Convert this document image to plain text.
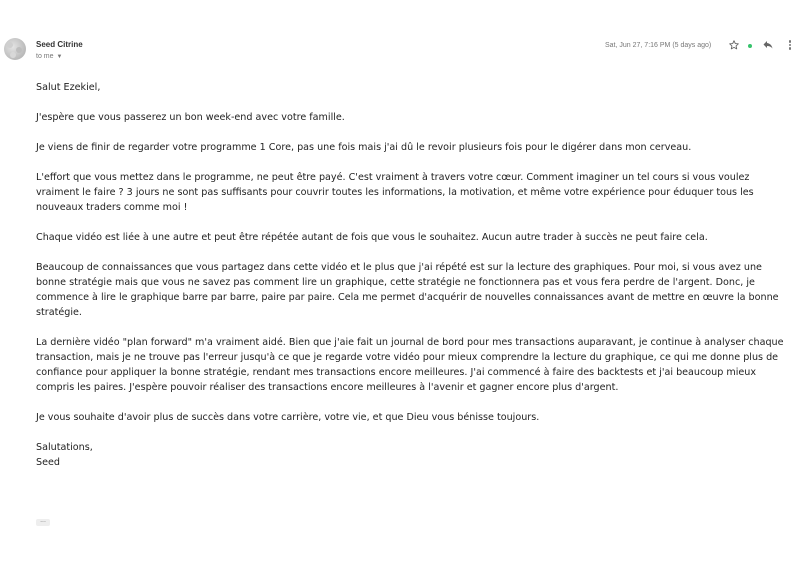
Seed Citrine
to me ▼
Sat, Jun 27, 7:16 PM (5 days ago)

Salut Ezekiel,

J'espère que vous passerez un bon week-end avec votre famille.

Je viens de finir de regarder votre programme 1 Core, pas une fois mais j'ai dû le revoir plusieurs fois pour le digérer dans mon cerveau.

L'effort que vous mettez dans le programme, ne peut être payé. C'est vraiment à travers votre cœur. Comment imaginer un tel cours si vous voulez vraiment le faire ? 3 jours ne sont pas suffisants pour couvrir toutes les informations, la motivation, et même votre expérience pour éduquer tous les nouveaux traders comme moi !

Chaque vidéo est liée à une autre et peut être répétée autant de fois que vous le souhaitez. Aucun autre trader à succès ne peut faire cela.

Beaucoup de connaissances que vous partagez dans cette vidéo et le plus que j'ai répété est sur la lecture des graphiques. Pour moi, si vous avez une bonne stratégie mais que vous ne savez pas comment lire un graphique, cette stratégie ne fonctionnera pas et vous fera perdre de l'argent. Donc, je commence à lire le graphique barre par barre, paire par paire. Cela me permet d'acquérir de nouvelles connaissances avant de mettre en œuvre la bonne stratégie.

La dernière vidéo "plan forward" m'a vraiment aidé. Bien que j'aie fait un journal de bord pour mes transactions auparavant, je continue à analyser chaque transaction, mais je ne trouve pas l'erreur jusqu'à ce que je regarde votre vidéo pour mieux comprendre la lecture du graphique, ce qui me donne plus de confiance pour appliquer la bonne stratégie, rendant mes transactions encore meilleures. J'ai commencé à faire des backtests et j'ai beaucoup mieux compris les paires. J'espère pouvoir réaliser des transactions encore meilleures à l'avenir et gagner encore plus d'argent.

Je vous souhaite d'avoir plus de succès dans votre carrière, votre vie, et que Dieu vous bénisse toujours.

Salutations,

Seed

...
